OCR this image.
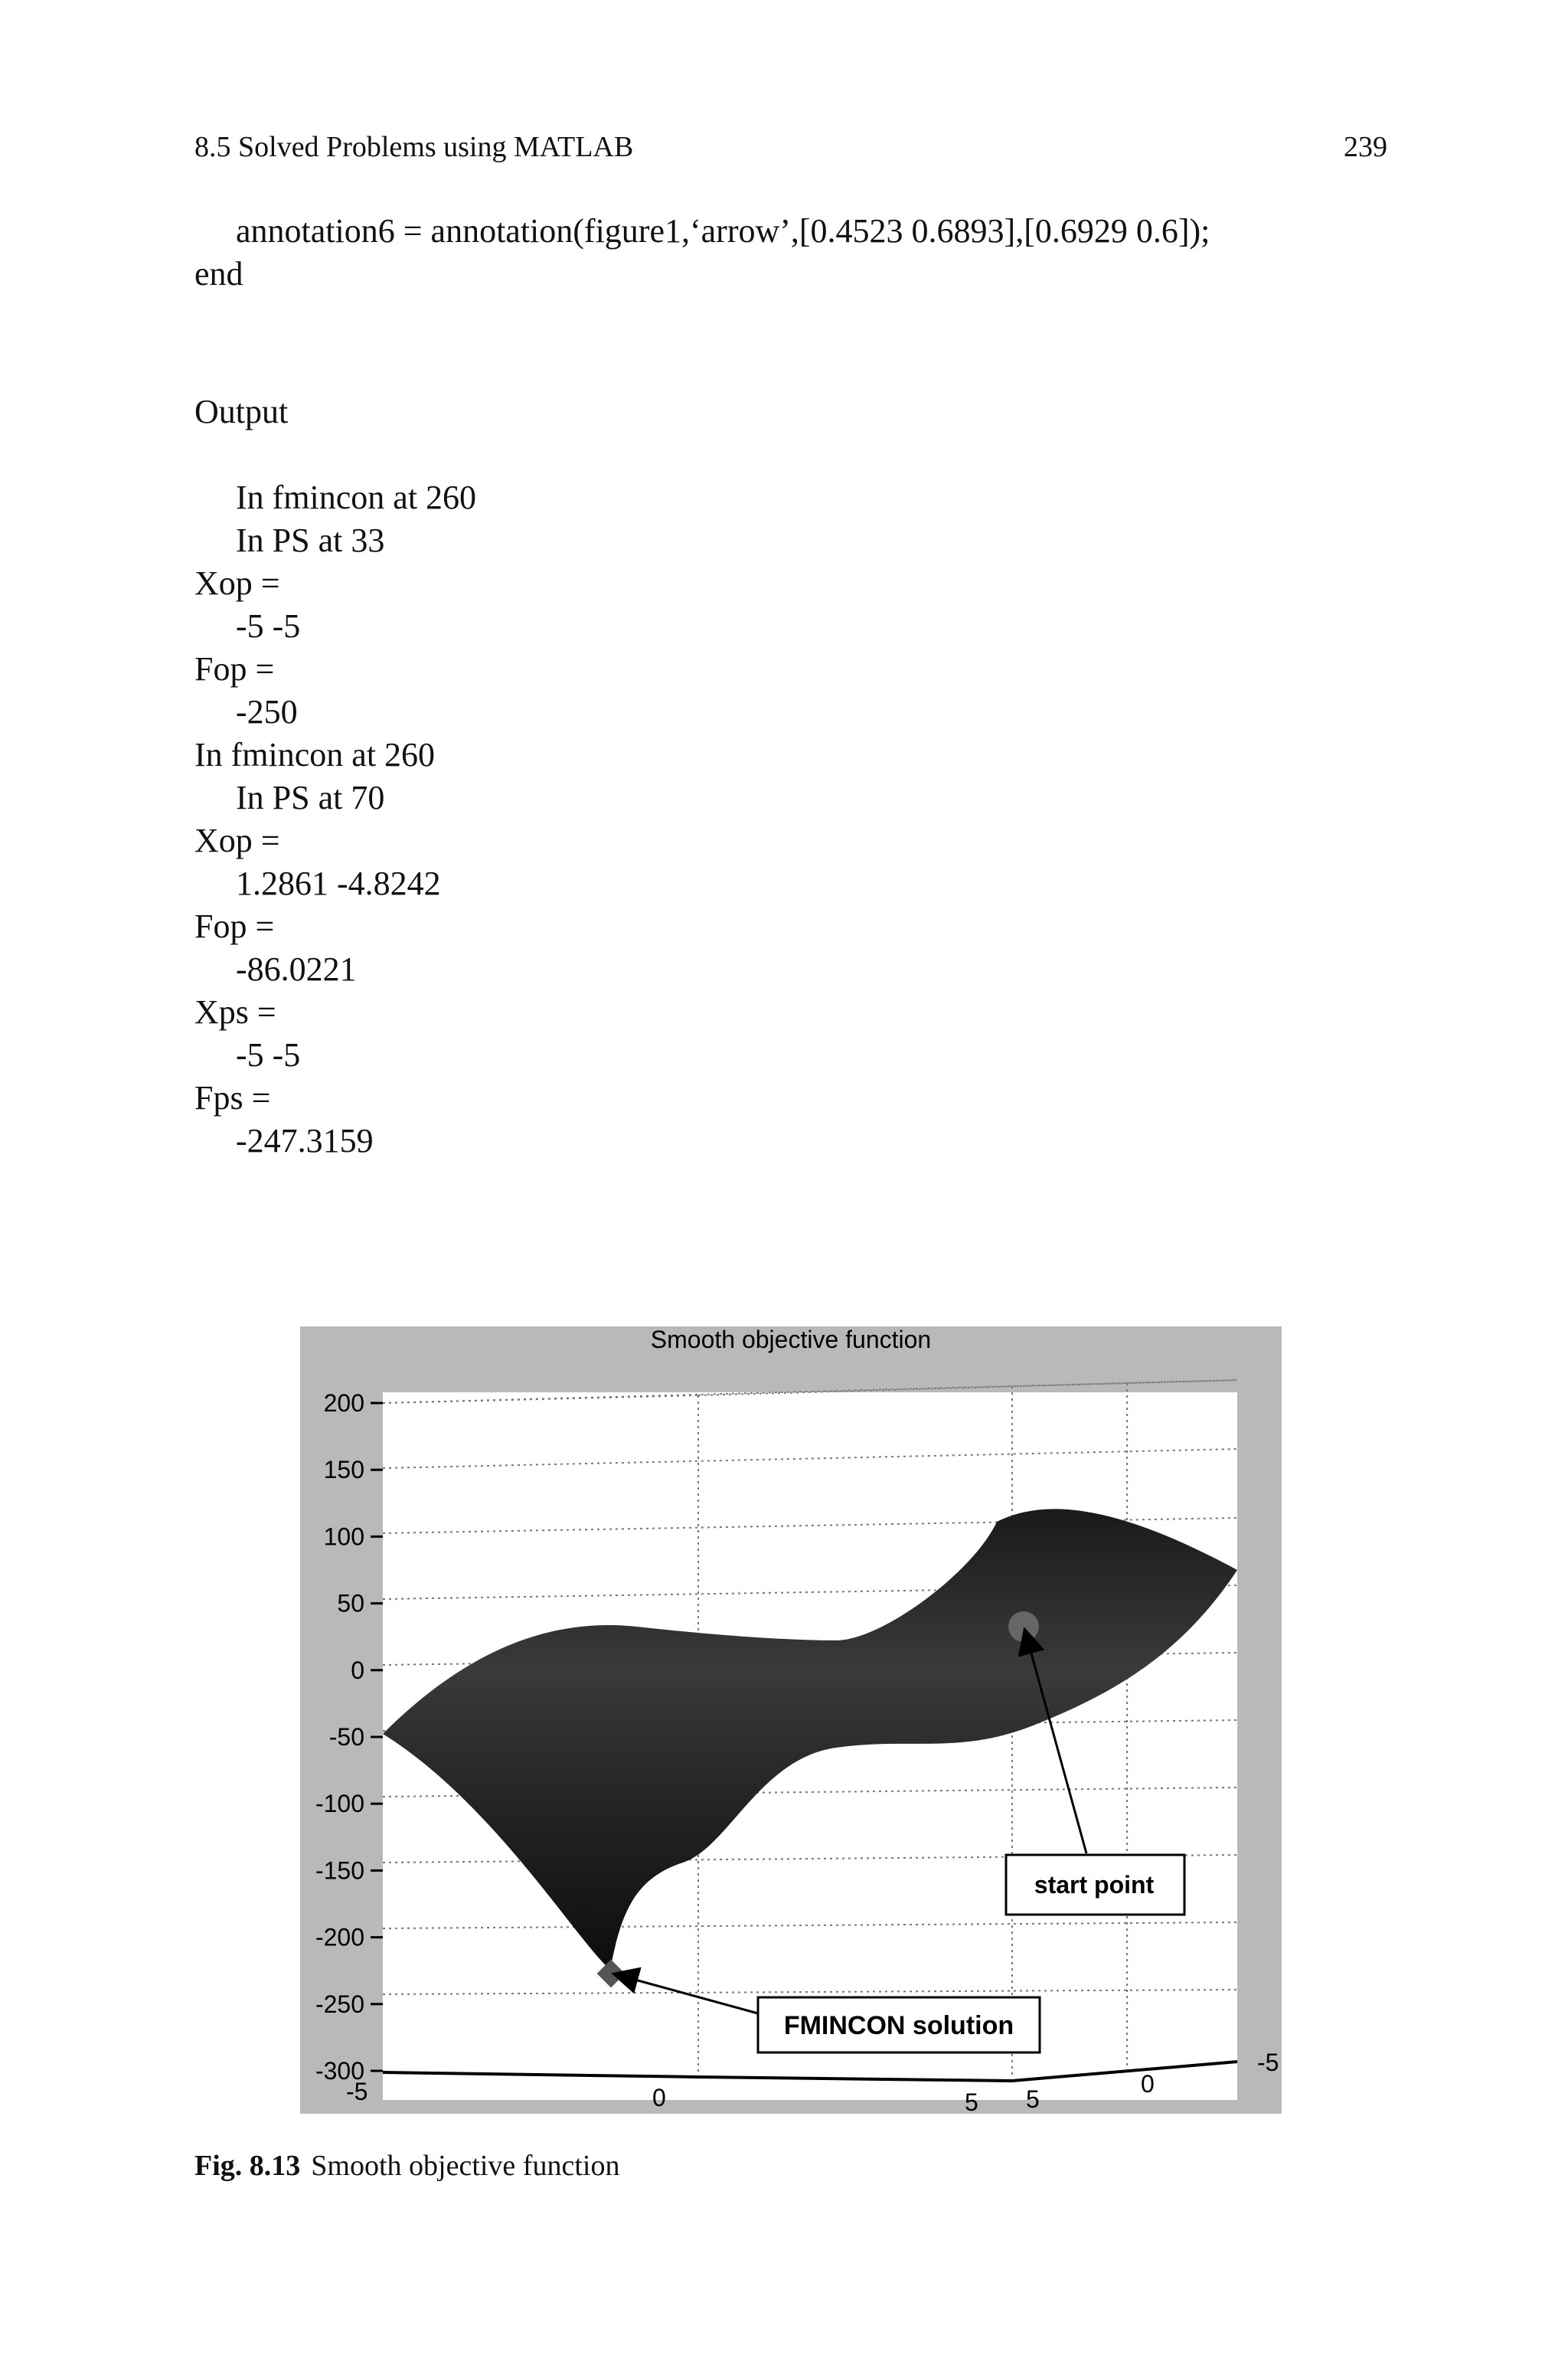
8.5 Solved Problems using MATLAB	239
annotation6 = annotation(figure1,‘arrow’,[0.4523 0.6893],[0.6929 0.6]);
end
Output
In fmincon at 260
In PS at 33
Xop =
-5 -5
Fop =
-250
In fmincon at 260
In PS at 70
Xop =
1.2861 -4.8242
Fop =
-86.0221
Xps =
-5 -5
Fps =
-247.3159
start point
FMINCON solution
Smooth objective function
200
150
100
50
0
-50
-100
-150
-200
-250
-300
-5	0	5 5
0
-5
Fig. 8.13 Smooth objective function
